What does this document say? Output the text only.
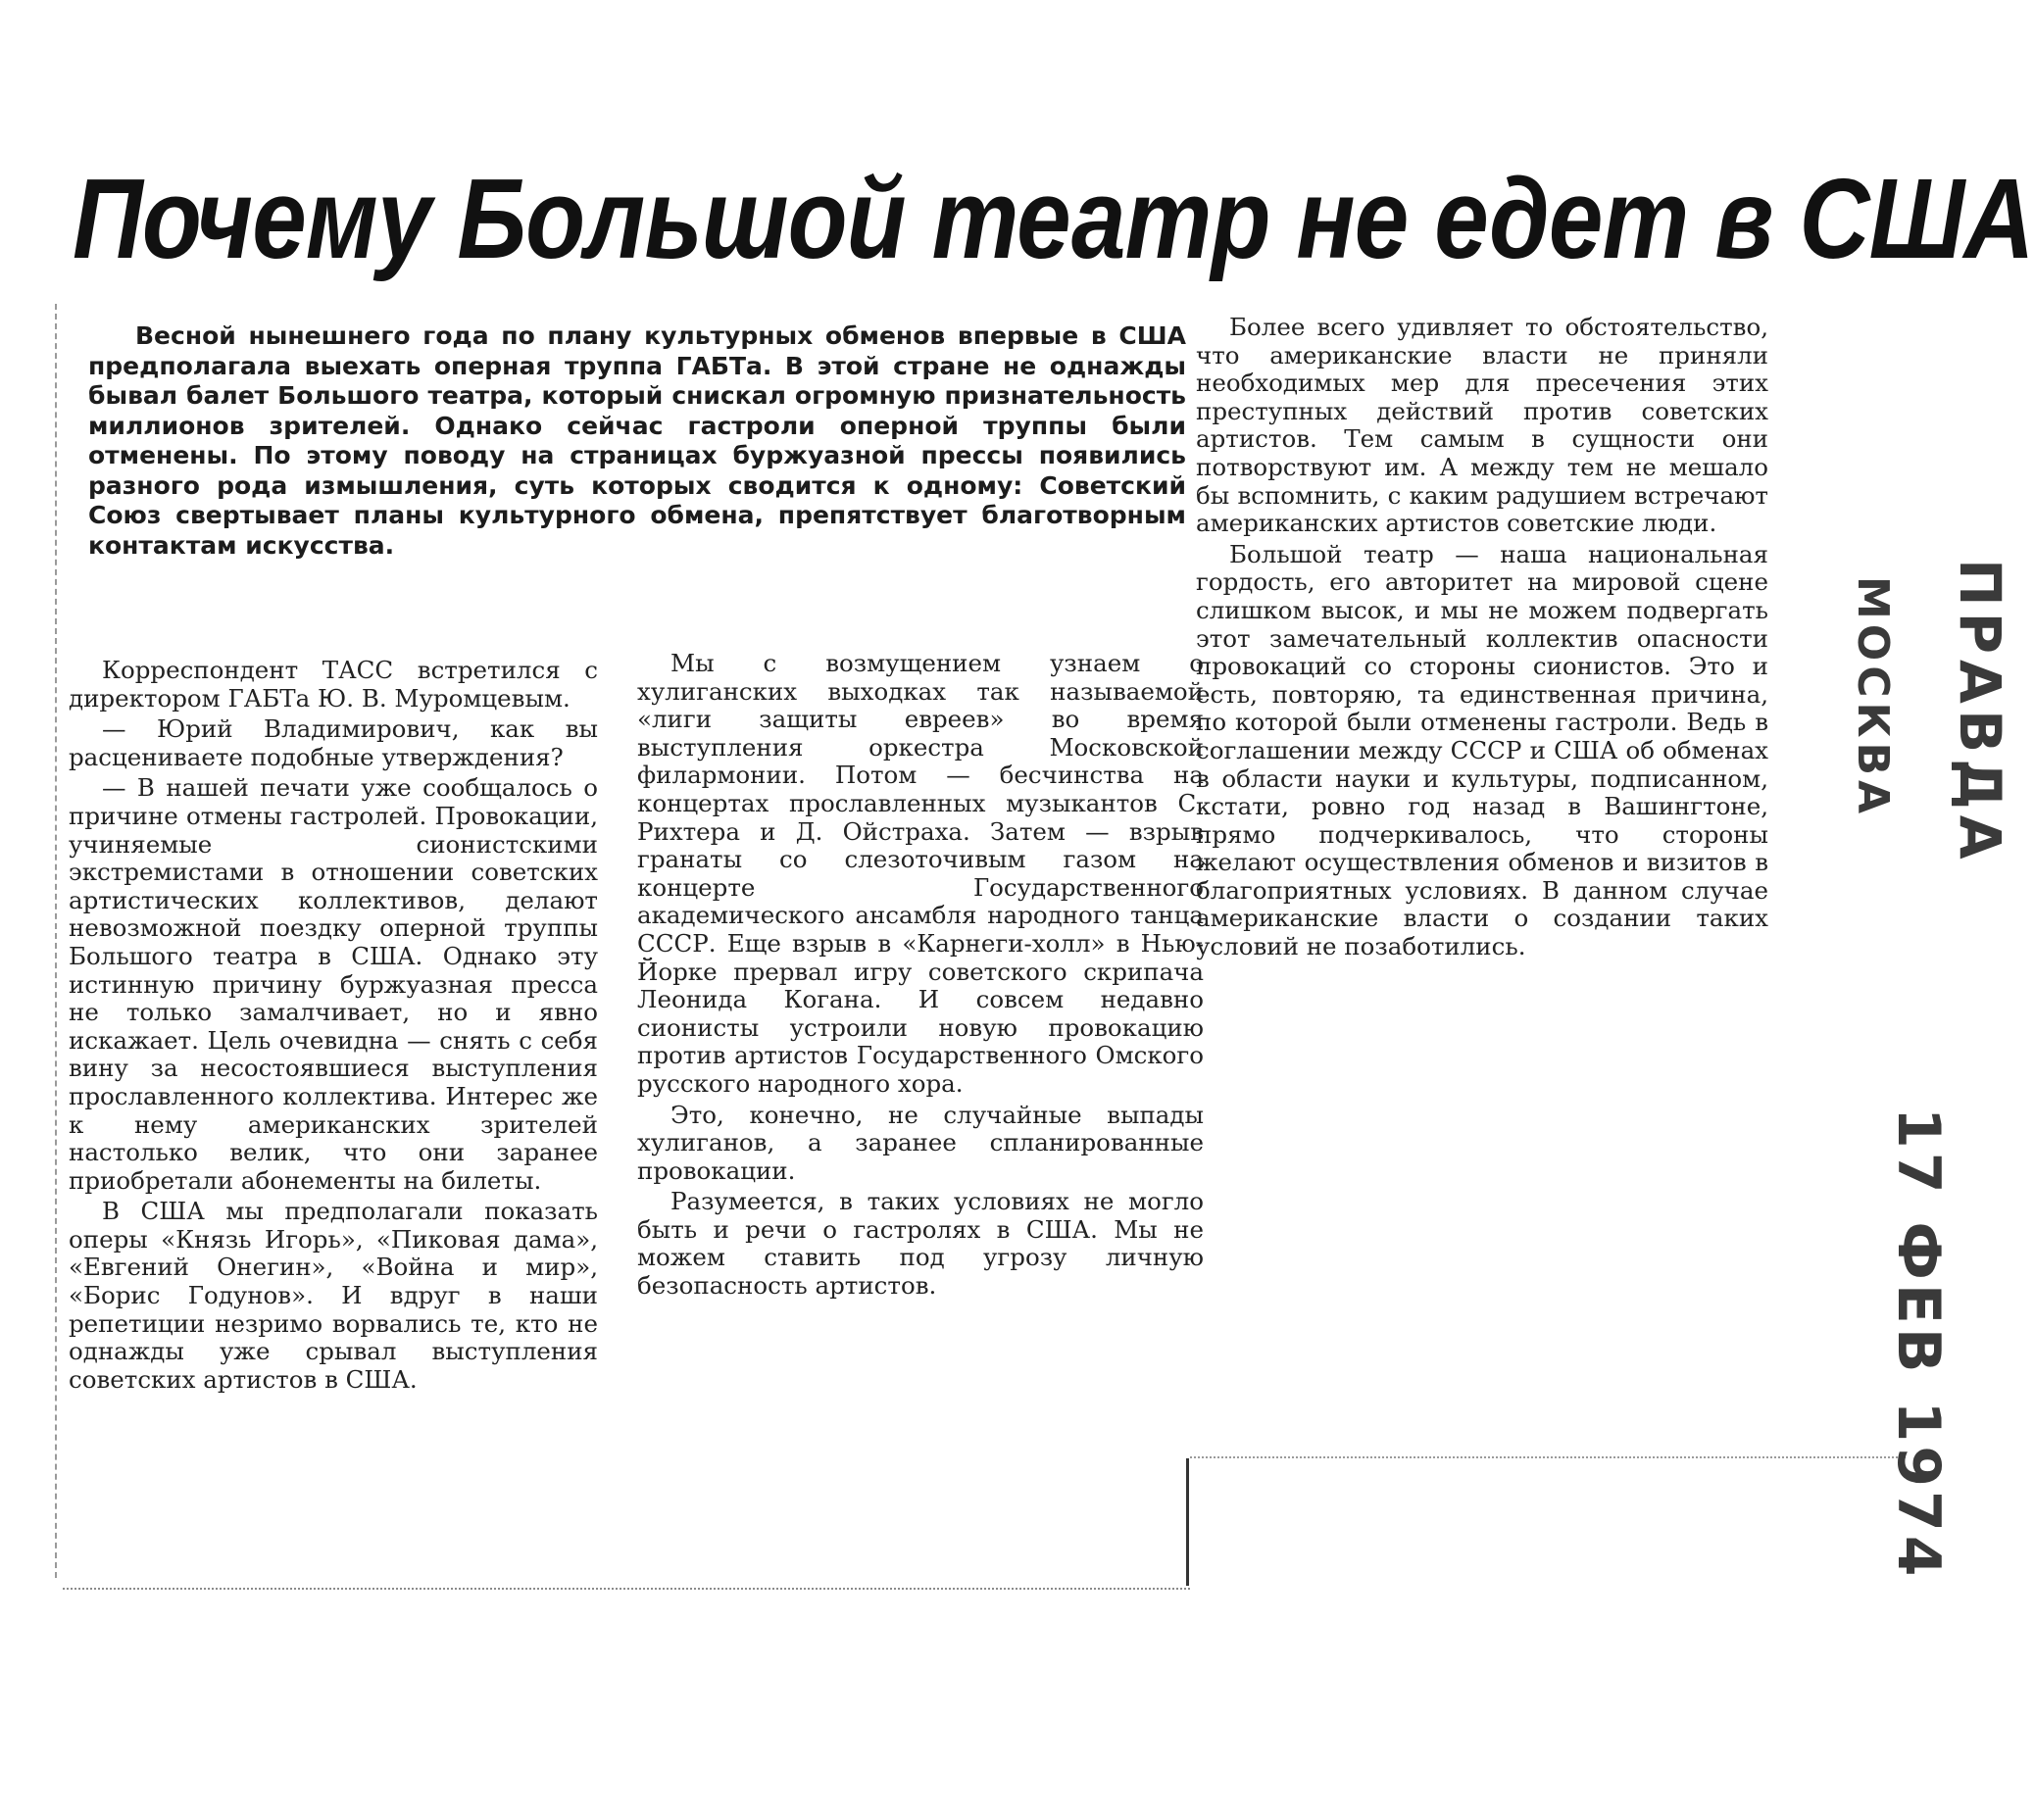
Почему Большой театр не едет в США

Весной нынешнего года по плану культурных обменов впервые в США предполагала выехать оперная труппа ГАБТа. В этой стране не однажды бывал балет Большого театра, который снискал огромную признательность миллионов зрителей. Однако сейчас гастроли оперной труппы были отменены. По этому поводу на страницах буржуазной прессы появились разного рода измышления, суть которых сводится к одному: Советский Союз свертывает планы культурного обмена, препятствует благотворным контактам искусства.

Корреспондент ТАСС встретился с директором ГАБТа Ю. В. Муромцевым.

— Юрий Владимирович, как вы расцениваете подобные утверждения?

— В нашей печати уже сообщалось о причине отмены гастролей. Провокации, учиняемые сионистскими экстремистами в отношении советских артистических коллективов, делают невозможной поездку оперной труппы Большого театра в США. Однако эту истинную причину буржуазная пресса не только замалчивает, но и явно искажает. Цель очевидна — снять с себя вину за несостоявшиеся выступления прославленного коллектива. Интерес же к нему американских зрителей настолько велик, что они заранее приобретали абонементы на билеты.

В США мы предполагали показать оперы «Князь Игорь», «Пиковая дама», «Евгений Онегин», «Война и мир», «Борис Годунов». И вдруг в наши репетиции незримо ворвались те, кто не однажды уже срывал выступления советских артистов в США.

Мы с возмущением узнаем о хулиганских выходках так называемой «лиги защиты евреев» во время выступления оркестра Московской филармонии. Потом — бесчинства на концертах прославленных музыкантов С. Рихтера и Д. Ойстраха. Затем — взрыв гранаты со слезоточивым газом на концерте Государственного академического ансамбля народного танца СССР. Еще взрыв в «Карнеги-холл» в Нью-Йорке прервал игру советского скрипача Леонида Когана. И совсем недавно сионисты устроили новую провокацию против артистов Государственного Омского русского народного хора.

Это, конечно, не случайные выпады хулиганов, а заранее спланированные провокации.

Разумеется, в таких условиях не могло быть и речи о гастролях в США. Мы не можем ставить под угрозу личную безопасность артистов.

Более всего удивляет то обстоятельство, что американские власти не приняли необходимых мер для пресечения этих преступных действий против советских артистов. Тем самым в сущности они потворствуют им. А между тем не мешало бы вспомнить, с каким радушием встречают американских артистов советские люди.

Большой театр — наша национальная гордость, его авторитет на мировой сцене слишком высок, и мы не можем подвергать этот замечательный коллектив опасности провокаций со стороны сионистов. Это и есть, повторяю, та единственная причина, по которой были отменены гастроли. Ведь в соглашении между СССР и США об обменах в области науки и культуры, подписанном, кстати, ровно год назад в Вашингтоне, прямо подчеркивалось, что стороны желают осуществления обменов и визитов в благоприятных условиях. В данном случае американские власти о создании таких условий не позаботились.

ПРАВДА
МОСКВА
17 ФЕВ 1974
